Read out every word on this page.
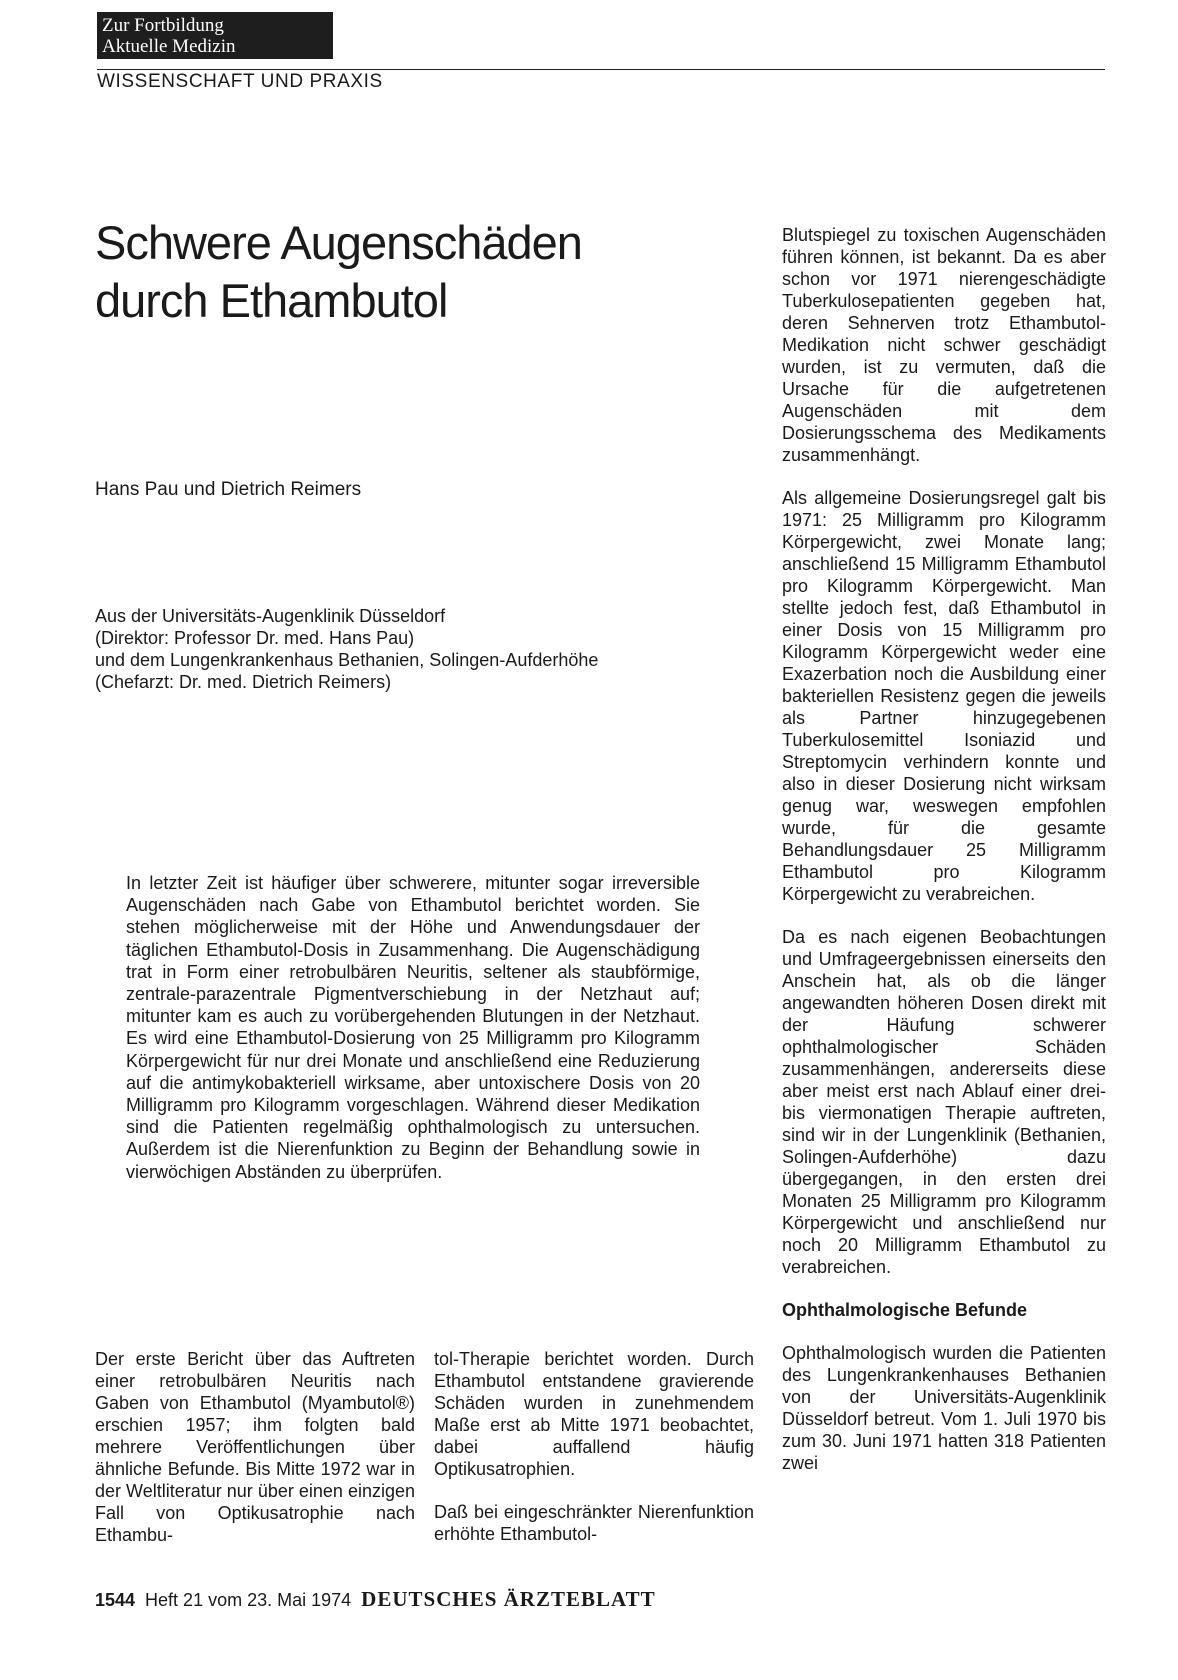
Zur Fortbildung
Aktuelle Medizin
WISSENSCHAFT UND PRAXIS
Schwere Augenschäden
durch Ethambutol
Hans Pau und Dietrich Reimers
Aus der Universitäts-Augenklinik Düsseldorf
(Direktor: Professor Dr. med. Hans Pau)
und dem Lungenkrankenhaus Bethanien, Solingen-Aufderhöhe
(Chefarzt: Dr. med. Dietrich Reimers)
In letzter Zeit ist häufiger über schwerere, mitunter sogar irreversible Augenschäden nach Gabe von Ethambutol berichtet worden. Sie stehen möglicherweise mit der Höhe und Anwendungsdauer der täglichen Ethambutol-Dosis in Zusammenhang. Die Augenschädigung trat in Form einer retrobulbären Neuritis, seltener als staubförmige, zentrale-parazentrale Pigmentverschiebung in der Netzhaut auf; mitunter kam es auch zu vorübergehenden Blutungen in der Netzhaut. Es wird eine Ethambutol-Dosierung von 25 Milligramm pro Kilogramm Körpergewicht für nur drei Monate und anschließend eine Reduzierung auf die antimykobakteriell wirksame, aber untoxischere Dosis von 20 Milligramm pro Kilogramm vorgeschlagen. Während dieser Medikation sind die Patienten regelmäßig ophthalmologisch zu untersuchen. Außerdem ist die Nierenfunktion zu Beginn der Behandlung sowie in vierwöchigen Abständen zu überprüfen.

Der erste Bericht über das Auftreten einer retrobulbären Neuritis nach Gaben von Ethambutol (Myambutol®) erschien 1957; ihm folgten bald mehrere Veröffentlichungen über ähnliche Befunde. Bis Mitte 1972 war in der Weltliteratur nur über einen einzigen Fall von Optikusatrophie nach Ethambu-

tol-Therapie berichtet worden. Durch Ethambutol entstandene gravierende Schäden wurden in zunehmendem Maße erst ab Mitte 1971 beobachtet, dabei auffallend häufig Optikusatrophien.

Daß bei eingeschränkter Nierenfunktion erhöhte Ethambutol-

Blutspiegel zu toxischen Augenschäden führen können, ist bekannt. Da es aber schon vor 1971 nierengeschädigte Tuberkulosepatienten gegeben hat, deren Sehnerven trotz Ethambutol-Medikation nicht schwer geschädigt wurden, ist zu vermuten, daß die Ursache für die aufgetretenen Augenschäden mit dem Dosierungsschema des Medikaments zusammenhängt.

Als allgemeine Dosierungsregel galt bis 1971: 25 Milligramm pro Kilogramm Körpergewicht, zwei Monate lang; anschließend 15 Milligramm Ethambutol pro Kilogramm Körpergewicht. Man stellte jedoch fest, daß Ethambutol in einer Dosis von 15 Milligramm pro Kilogramm Körpergewicht weder eine Exazerbation noch die Ausbildung einer bakteriellen Resistenz gegen die jeweils als Partner hinzugegebenen Tuberkulosemittel Isoniazid und Streptomycin verhindern konnte und also in dieser Dosierung nicht wirksam genug war, weswegen empfohlen wurde, für die gesamte Behandlungsdauer 25 Milligramm Ethambutol pro Kilogramm Körpergewicht zu verabreichen.

Da es nach eigenen Beobachtungen und Umfrageergebnissen einerseits den Anschein hat, als ob die länger angewandten höheren Dosen direkt mit der Häufung schwerer ophthalmologischer Schäden zusammenhängen, andererseits diese aber meist erst nach Ablauf einer drei- bis viermonatigen Therapie auftreten, sind wir in der Lungenklinik (Bethanien, Solingen-Aufderhöhe) dazu übergegangen, in den ersten drei Monaten 25 Milligramm pro Kilogramm Körpergewicht und anschließend nur noch 20 Milligramm Ethambutol zu verabreichen.

Ophthalmologische Befunde

Ophthalmologisch wurden die Patienten des Lungenkrankenhauses Bethanien von der Universitäts-Augenklinik Düsseldorf betreut. Vom 1. Juli 1970 bis zum 30. Juni 1971 hatten 318 Patienten zwei

1544 Heft 21 vom 23. Mai 1974 DEUTSCHES ÄRZTEBLATT
